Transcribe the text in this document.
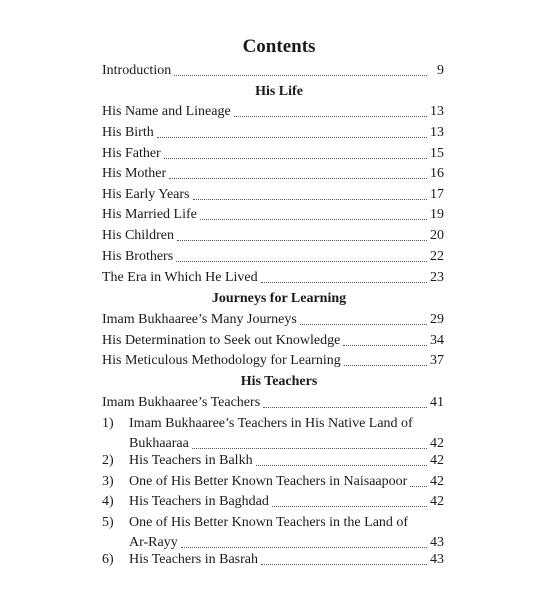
Contents
Introduction	9
His Life
His Name and Lineage	13
His Birth	13
His Father	15
His Mother	16
His Early Years	17
His Married Life	19
His Children	20
His Brothers	22
The Era in Which He Lived	23
Journeys for Learning
Imam Bukhaaree’s Many Journeys	29
His Determination to Seek out Knowledge	34
His Meticulous Methodology for Learning	37
His Teachers
Imam Bukhaaree’s Teachers	41
1) Imam Bukhaaree’s Teachers in His Native Land of
Bukhaaraa	42
2) His Teachers in Balkh	42
3) One of His Better Known Teachers in Naisaapoor 42
4) His Teachers in Baghdad	42
5) One of His Better Known Teachers in the Land of
Ar-Rayy	43
6) His Teachers in Basrah	43
